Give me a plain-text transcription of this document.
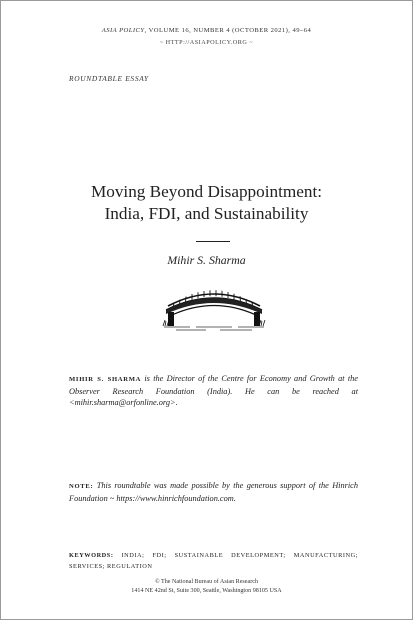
ASIA POLICY, VOLUME 16, NUMBER 4 (OCTOBER 2021), 49–64
~ HTTP://ASIAPOLICY.ORG ~
ROUNDTABLE ESSAY
Moving Beyond Disappointment:
India, FDI, and Sustainability
Mihir S. Sharma
MIHIR S. SHARMA is the Director of the Centre for Economy and Growth at the Observer Research Foundation (India). He can be reached at <mihir.sharma@orfonline.org>.
NOTE: This roundtable was made possible by the generous support of the Hinrich Foundation ~ https://www.hinrichfoundation.com.
KEYWORDS: INDIA; FDI; SUSTAINABLE DEVELOPMENT; MANUFACTURING; SERVICES; REGULATION
© The National Bureau of Asian Research
1414 NE 42nd St, Suite 300, Seattle, Washington 98105 USA
